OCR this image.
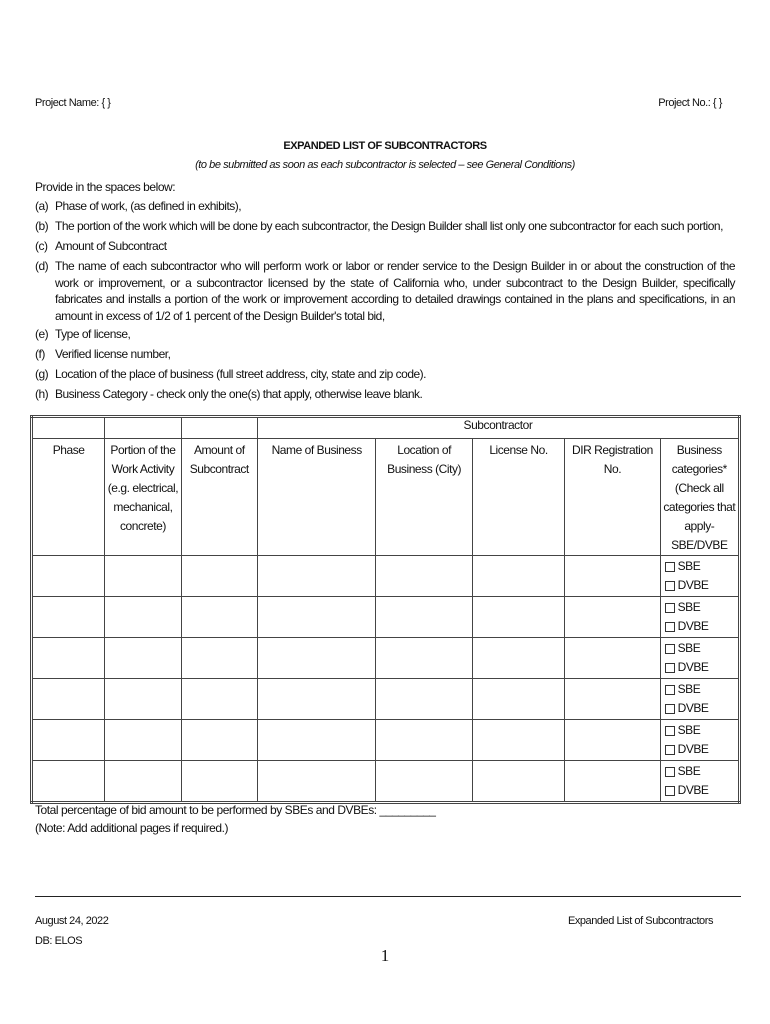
Project Name: { }	Project No.: { }
EXPANDED LIST OF SUBCONTRACTORS
(to be submitted as soon as each subcontractor is selected – see General Conditions)
Provide in the spaces below:
(a) Phase of work, (as defined in exhibits),
(b) The portion of the work which will be done by each subcontractor, the Design Builder shall list only one subcontractor for each such portion,
(c) Amount of Subcontract
(d) The name of each subcontractor who will perform work or labor or render service to the Design Builder in or about the construction of the work or improvement, or a subcontractor licensed by the state of California who, under subcontract to the Design Builder, specifically fabricates and installs a portion of the work or improvement according to detailed drawings contained in the plans and specifications, in an amount in excess of 1/2 of 1 percent of the Design Builder's total bid,
(e) Type of license,
(f) Verified license number,
(g) Location of the place of business (full street address, city, state and zip code).
(h) Business Category - check only the one(s) that apply, otherwise leave blank.
			Subcontractor				
Phase	Portion of the Work Activity (e.g. electrical, mechanical, concrete)	Amount of Subcontract	Name of Business	Location of Business (City)	License No.	DIR Registration No.	Business categories* (Check all categories that apply- SBE/DVBE

							SBE
DVBE

							SBE
DVBE

							SBE
DVBE

							SBE
DVBE

							SBE
DVBE

							SBE
DVBE
Total percentage of bid amount to be performed by SBEs and DVBEs: _________
(Note: Add additional pages if required.)
August 24, 2022
DB: ELOS
Expanded List of Subcontractors
1
